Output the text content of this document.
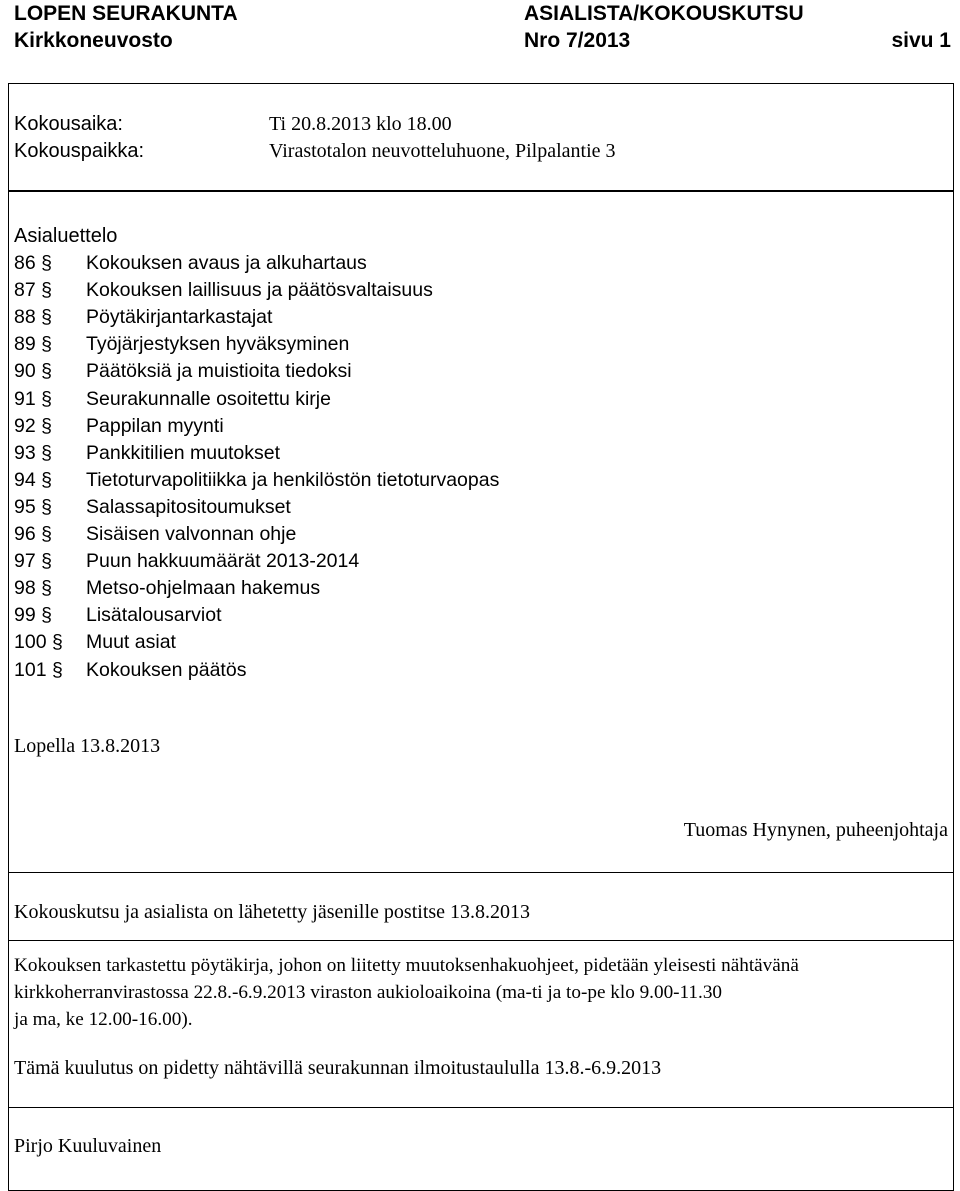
LOPEN SEURAKUNTA	ASIALISTA/KOKOUSKUTSU
Kirkkoneuvosto	Nro 7/2013	sivu 1
Kokousaika:	Ti 20.8.2013 klo 18.00
Kokouspaikka:	Virastotalon neuvotteluhuone, Pilpalantie 3
Asialuettelo
86 § Kokouksen avaus ja alkuhartaus
87 § Kokouksen laillisuus ja päätösvaltaisuus
88 § Pöytäkirjantarkastajat
89 § Työjärjestyksen hyväksyminen
90 § Päätöksiä ja muistioita tiedoksi
91 § Seurakunnalle osoitettu kirje
92 § Pappilan myynti
93 § Pankkitilien muutokset
94 § Tietoturvapolitiikka ja henkilöstön tietoturvaopas
95 § Salassapitositoumukset
96 § Sisäisen valvonnan ohje
97 § Puun hakkuumäärät 2013-2014
98 § Metso-ohjelmaan hakemus
99 § Lisätalousarviot
100 § Muut asiat
101 § Kokouksen päätös
Lopella 13.8.2013
Tuomas Hynynen, puheenjohtaja
Kokouskutsu ja asialista on lähetetty jäsenille postitse 13.8.2013
Kokouksen tarkastettu pöytäkirja, johon on liitetty muutoksenhakuohjeet, pidetään yleisesti nähtävänä
kirkkoherranvirastossa 22.8.-6.9.2013 viraston aukioloaikoina (ma-ti ja to-pe klo 9.00-11.30
ja ma, ke 12.00-16.00).
Tämä kuulutus on pidetty nähtävillä seurakunnan ilmoitustaululla 13.8.-6.9.2013
Pirjo Kuuluvainen
